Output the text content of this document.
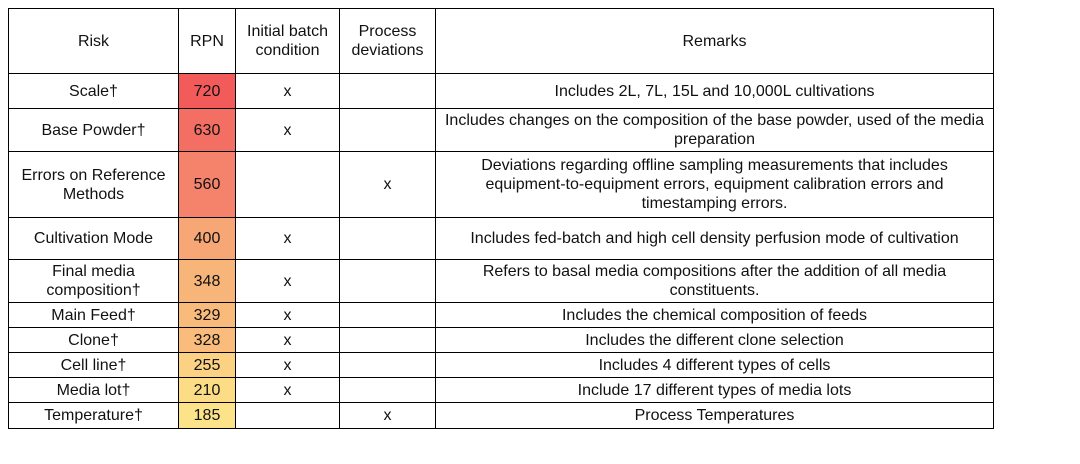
Risk	RPN	Initial batch condition	Process deviations	Remarks
Scale†	720	x		Includes 2L, 7L, 15L and 10,000L cultivations
Base Powder†	630	x		Includes changes on the composition of the base powder, used of the media preparation
Errors on Reference Methods	560		x	Deviations regarding offline sampling measurements that includes equipment-to-equipment errors, equipment calibration errors and timestamping errors.
Cultivation Mode	400	x		Includes fed-batch and high cell density perfusion mode of cultivation
Final media composition†	348	x		Refers to basal media compositions after the addition of all media constituents.
Main Feed†	329	x		Includes the chemical composition of feeds
Clone†	328	x		Includes the different clone selection
Cell line†	255	x		Includes 4 different types of cells
Media lot†	210	x		Include 17 different types of media lots
Temperature†	185		x	Process Temperatures
